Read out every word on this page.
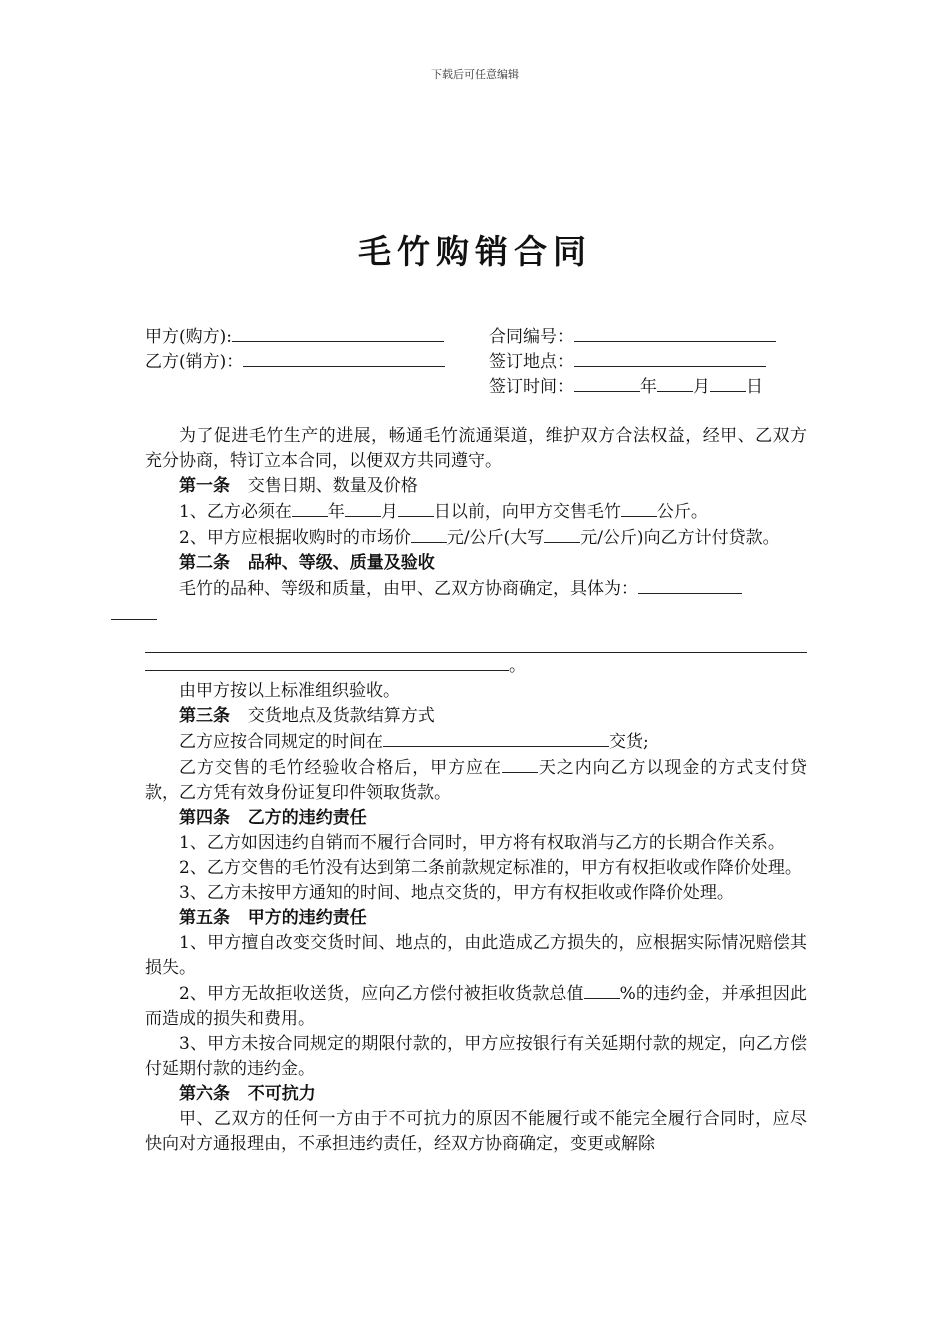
下载后可任意编辑
毛竹购销合同
甲方(购方):
乙方(销方)：
合同编号：
签订地点：
签订时间：	年 月 日

为了促进毛竹生产的进展，畅通毛竹流通渠道，维护双方合法权益，经甲、乙双方充分协商，特订立本合同，以便双方共同遵守。

第一条 交售日期、数量及价格

1、乙方必须在 年 月 日以前，向甲方交售毛竹 公斤。

2、甲方应根据收购时的市场价 元/公斤(大写 元/公斤)向乙方计付贷款。

第二条 品种、等级、质量及验收

毛竹的品种、等级和质量，由甲、乙双方协商确定，具体为：

。

由甲方按以上标准组织验收。

第三条 交货地点及货款结算方式

乙方应按合同规定的时间在	交货;

乙方交售的毛竹经验收合格后，甲方应在 天之内向乙方以现金的方式支付贷款，乙方凭有效身份证复印件领取货款。

第四条 乙方的违约责任

1、乙方如因违约自销而不履行合同时，甲方将有权取消与乙方的长期合作关系。

2、乙方交售的毛竹没有达到第二条前款规定标准的，甲方有权拒收或作降价处理。

3、乙方未按甲方通知的时间、地点交货的，甲方有权拒收或作降价处理。

第五条 甲方的违约责任

1、甲方擅自改变交货时间、地点的，由此造成乙方损失的，应根据实际情况赔偿其损失。

2、甲方无故拒收送货，应向乙方偿付被拒收货款总值 %的违约金，并承担因此而造成的损失和费用。

3、甲方未按合同规定的期限付款的，甲方应按银行有关延期付款的规定，向乙方偿付延期付款的违约金。

第六条 不可抗力

甲、乙双方的任何一方由于不可抗力的原因不能履行或不能完全履行合同时，应尽快向对方通报理由，不承担违约责任，经双方协商确定，变更或解除
